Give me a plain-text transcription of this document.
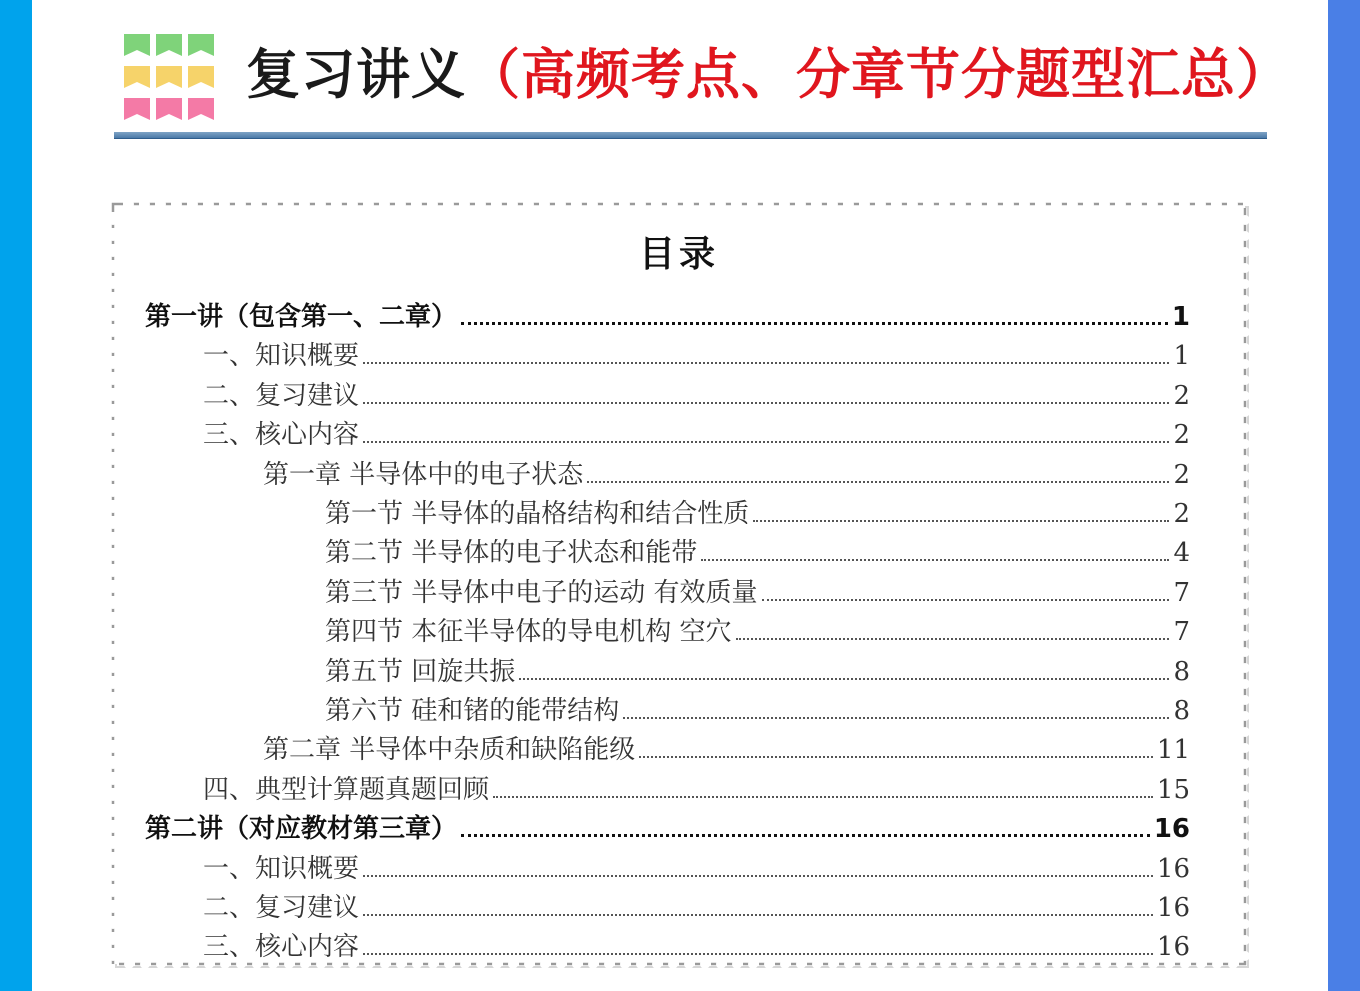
复习讲义（高频考点、分章节分题型汇总）
目录
第一讲（包含第一、二章）	1
一、知识概要	1
二、复习建议	2
三、核心内容	2
第一章 半导体中的电子状态	2
第一节 半导体的晶格结构和结合性质	2
第二节 半导体的电子状态和能带	4
第三节 半导体中电子的运动 有效质量	7
第四节 本征半导体的导电机构 空穴	7
第五节 回旋共振	8
第六节 硅和锗的能带结构	8
第二章 半导体中杂质和缺陷能级	11
四、典型计算题真题回顾	15
第二讲（对应教材第三章）	16
一、知识概要	16
二、复习建议	16
三、核心内容	16
